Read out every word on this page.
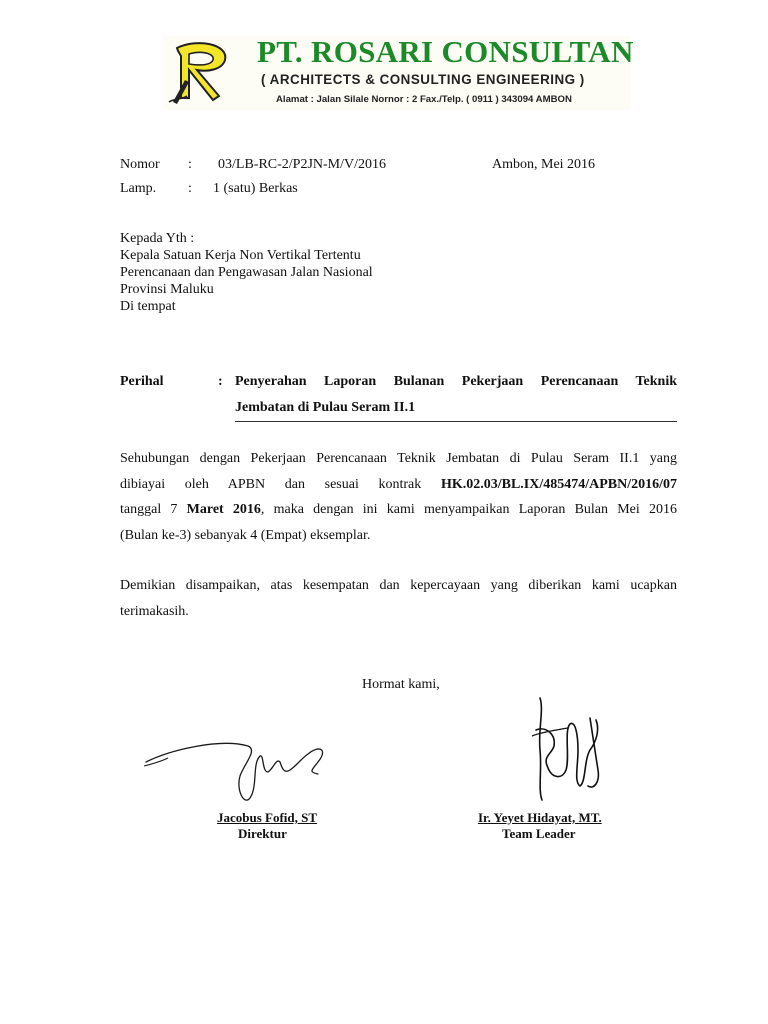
PT. ROSARI CONSULTAN
( ARCHITECTS & CONSULTING ENGINEERING )
Alamat : Jalan Silale Nornor : 2 Fax./Telp. ( 0911 ) 343094 AMBON
Nomor : 03/LB-RC-2/P2JN-M/V/2016	Ambon, Mei 2016
Lamp. : 1 (satu) Berkas
Kepada Yth :
Kepala Satuan Kerja Non Vertikal Tertentu
Perencanaan dan Pengawasan Jalan Nasional
Provinsi Maluku
Di tempat
Perihal	: Penyerahan Laporan Bulanan Pekerjaan Perencanaan Teknik
Jembatan di Pulau Seram II.1
Sehubungan dengan Pekerjaan Perencanaan Teknik Jembatan di Pulau Seram II.1 yang
dibiayai oleh APBN dan sesuai kontrak HK.02.03/BL.IX/485474/APBN/2016/07
tanggal 7 Maret 2016, maka dengan ini kami menyampaikan Laporan Bulan Mei 2016
(Bulan ke-3) sebanyak 4 (Empat) eksemplar.
Demikian disampaikan, atas kesempatan dan kepercayaan yang diberikan kami ucapkan
terimakasih.
Hormat kami,
Jacobus Fofid, ST
Direktur
Ir. Yeyet Hidayat, MT.
Team Leader
